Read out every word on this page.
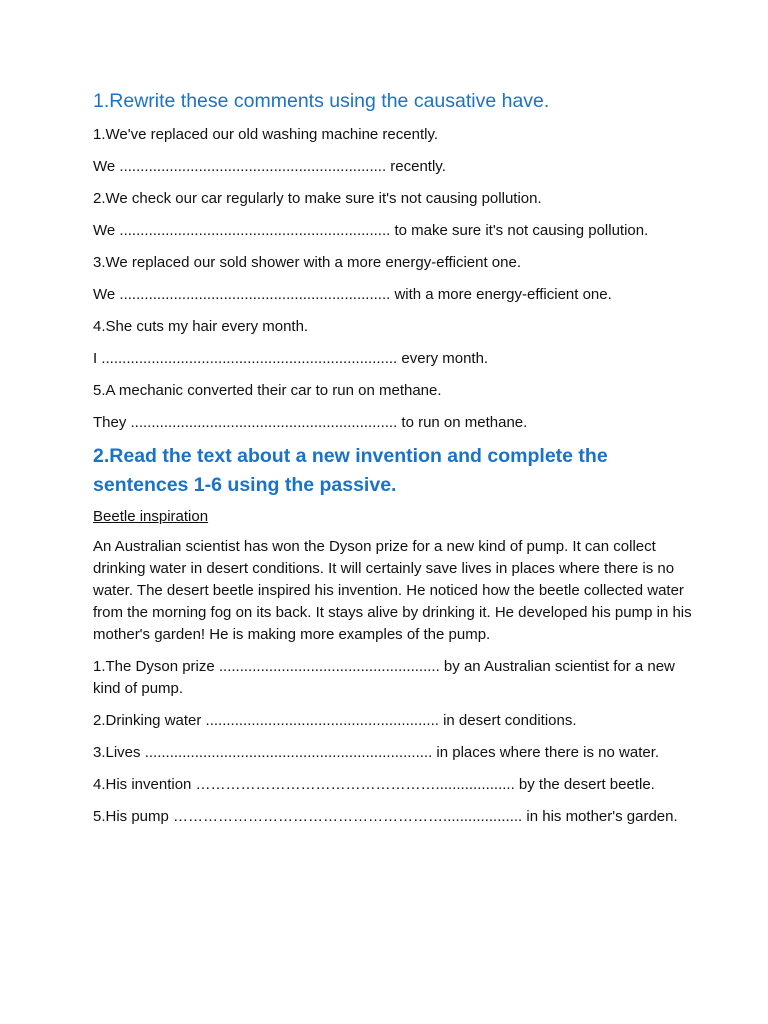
1.Rewrite these comments using the causative have.
1.We've replaced our old washing machine recently.
We ................................................................ recently.
2.We check our car regularly to make sure it's not causing pollution.
We ................................................................. to make sure it's not causing pollution.
3.We replaced our sold shower with a more energy-efficient one.
We ................................................................. with a more energy-efficient one.
4.She cuts my hair every month.
I ....................................................................... every month.
5.A mechanic converted their car to run on methane.
They ................................................................ to run on methane.
2.Read the text about a new invention and complete the sentences 1-6 using the passive.
Beetle inspiration
An Australian scientist has won the Dyson prize for a new kind of pump. It can collect drinking water in desert conditions. It will certainly save lives in places where there is no water. The desert beetle inspired his invention. He noticed how the beetle collected water from the morning fog on its back. It stays alive by drinking it. He developed his pump in his mother's garden! He is making more examples of the pump.
1.The Dyson prize ..................................................... by an Australian scientist for a new kind of pump.
2.Drinking water ........................................................ in desert conditions.
3.Lives ..................................................................... in places where there is no water.
4.His invention …………………………………………................... by the desert beetle.
5.His pump ………………………………………………................... in his mother's garden.
